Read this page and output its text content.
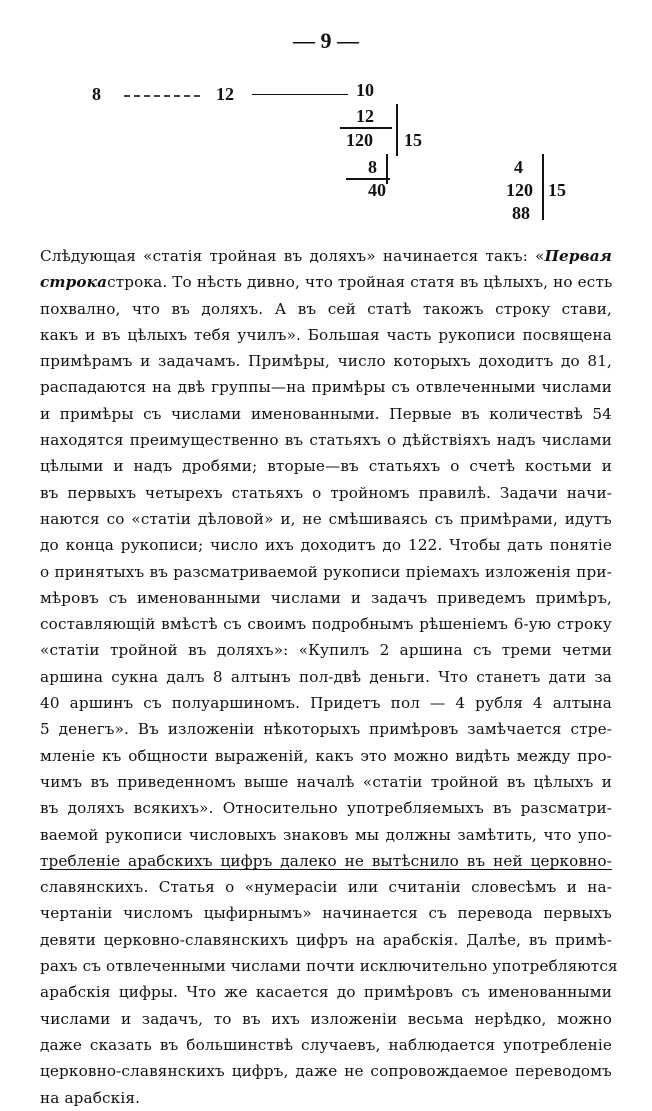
— 9 —
8	12	10
12
120 15
8
40
4
120 15
88
Слѣдующая «статія тройная въ доляхъ» начинается такъ: «Первая
строкастрока. То нѣсть дивно, что тройная статя въ цѣлыхъ, но есть
похвално, что въ доляхъ. А въ сей статѣ такожъ строку стави,
какъ и въ цѣлыхъ тебя училъ». Большая часть рукописи посвящена
примѣрамъ и задачамъ. Примѣры, число которыхъ доходитъ до 81,
распадаются на двѣ группы—на примѣры съ отвлеченными числами
и примѣры съ числами именованными. Первые въ количествѣ 54
находятся преимущественно въ статьяхъ о дѣйствіяхъ надъ числами
цѣлыми и надъ дробями; вторые—въ статьяхъ о счетѣ костьми и
въ первыхъ четырехъ статьяхъ о тройномъ правилѣ. Задачи начи-
наются со «статіи дѣловой» и, не смѣшиваясь съ примѣрами, идутъ
до конца рукописи; число ихъ доходитъ до 122. Чтобы дать понятіе
о принятыхъ въ разсматриваемой рукописи пріемахъ изложенія при-
мѣровъ съ именованными числами и задачъ приведемъ примѣръ,
составляющій вмѣстѣ съ своимъ подробнымъ рѣшеніемъ 6-ую строку
«статіи тройной въ доляхъ»: «Купилъ 2 аршина съ треми четми
аршина сукна далъ 8 алтынъ пол-двѣ деньги. Что станетъ дати за
40 аршинъ съ полуаршиномъ. Придетъ пол — 4 рубля 4 алтына
5 денегъ». Въ изложеніи нѣкоторыхъ примѣровъ замѣчается стре-
мленіе къ общности выраженій, какъ это можно видѣть между про-
чимъ въ приведенномъ выше началѣ «статіи тройной въ цѣлыхъ и
въ доляхъ всякихъ». Относительно употребляемыхъ въ разсматри-
ваемой рукописи числовыхъ знаковъ мы должны замѣтить, что упо-
требленіе арабскихъ цифръ далеко не вытѣснило въ ней церковно-
славянскихъ. Статья о «нумерасіи или считаніи словесѣмъ и на-
чертаніи числомъ цыфирнымъ» начинается съ перевода первыхъ
девяти церковно-славянскихъ цифръ на арабскія. Далѣе, въ примѣ-
рахъ съ отвлеченными числами почти исключительно употребляются
арабскія цифры. Что же касается до примѣровъ съ именованными
числами и задачъ, то въ ихъ изложеніи весьма нерѣдко, можно
даже сказать въ большинствѣ случаевъ, наблюдается употребленіе
церковно-славянскихъ цифръ, даже не сопровождаемое переводомъ
на арабскія.
